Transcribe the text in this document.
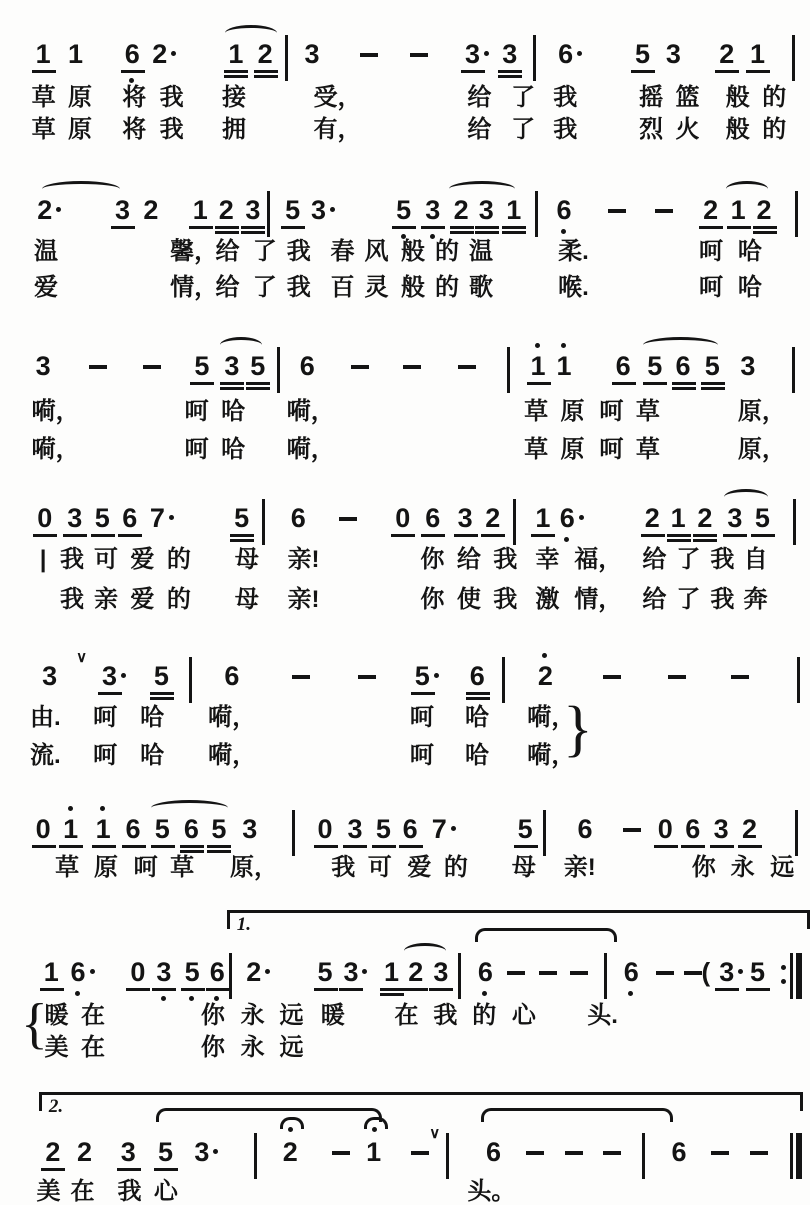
1 1 6 2	1 2 3	3 3 6	5 3 2 1
草 原 将 我 接	受，	给 了 我	摇 篮 般 的
草 原 将 我 拥	有，	给 了 我	烈 火 般 的
2	3 2 1 2 3 5 3	5 3 2 3 1 6	2 1 2
温	馨，
给 了 我 春 风 般 的 温	柔.	呵 哈
爱	情，
给 了 我 百 灵 般 的 歌	喉.	呵 哈
3	5 3 5 6	1 1 6 5 6 5 3
嗬，	呵 哈 嗬，	草 原 呵 草	原，
嗬，	呵 哈 嗬，	草 原 呵 草	原，
0 3 5 6 7	5 6	0 6 3 2 1 6	2 1 2 3 5
| 我 可 爱 的 母 亲!	你 给 我 幸 福， 给 了 我 自
我 亲 爱 的 母 亲!	你 使 我 激 情， 给 了 我 奔
3
∨
3	5 6	5	6 2
由. 呵 哈 嗬，	呵 哈 嗬，
流. 呵 哈 嗬，	呵 哈 嗬，
}
0 1 1 6 5 6 5 3 0 3 5 6 7	5 6 0 6 3 2
草 原 呵 草 原， 我 可 爱 的 母 亲!	你 永 远
1 6	0 3 5 6 2	5 3 1 2 3 6	6 ( 3 5
1.
暖 在	你 永 远 暖 在 我 的 心 头.
美 在	你 永 远
{
2 2 3 5 3	2	1
∨
6	6
2.
美 在 我 心	头。
